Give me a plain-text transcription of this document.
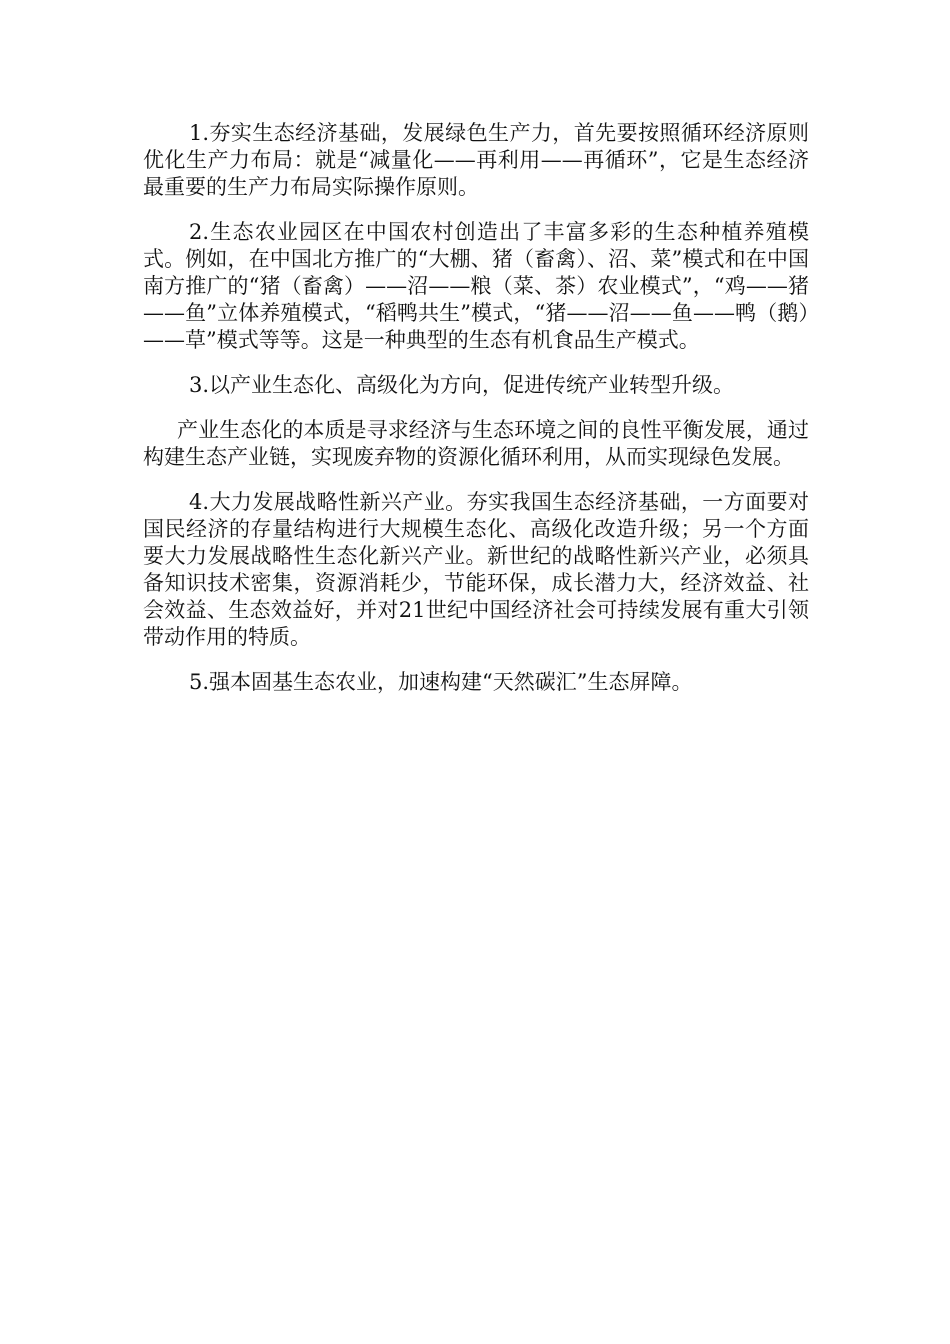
1.夯实生态经济基础，发展绿色生产力，首先要按照循环经济原则优化生产力布局：就是“减量化——再利用——再循环”，它是生态经济最重要的生产力布局实际操作原则。

2.生态农业园区在中国农村创造出了丰富多彩的生态种植养殖模式。例如，在中国北方推广的“大棚、猪（畜禽）、沼、菜”模式和在中国南方推广的“猪（畜禽）——沼——粮（菜、茶）农业模式”，“鸡——猪——鱼”立体养殖模式，“稻鸭共生”模式，“猪——沼——鱼——鸭（鹅）——草”模式等等。这是一种典型的生态有机食品生产模式。

3.以产业生态化、高级化为方向，促进传统产业转型升级。

产业生态化的本质是寻求经济与生态环境之间的良性平衡发展，通过构建生态产业链，实现废弃物的资源化循环利用，从而实现绿色发展。

4.大力发展战略性新兴产业。夯实我国生态经济基础，一方面要对国民经济的存量结构进行大规模生态化、高级化改造升级；另一个方面要大力发展战略性生态化新兴产业。新世纪的战略性新兴产业，必须具备知识技术密集，资源消耗少，节能环保，成长潜力大，经济效益、社会效益、生态效益好，并对21世纪中国经济社会可持续发展有重大引领带动作用的特质。

5.强本固基生态农业，加速构建“天然碳汇”生态屏障。
